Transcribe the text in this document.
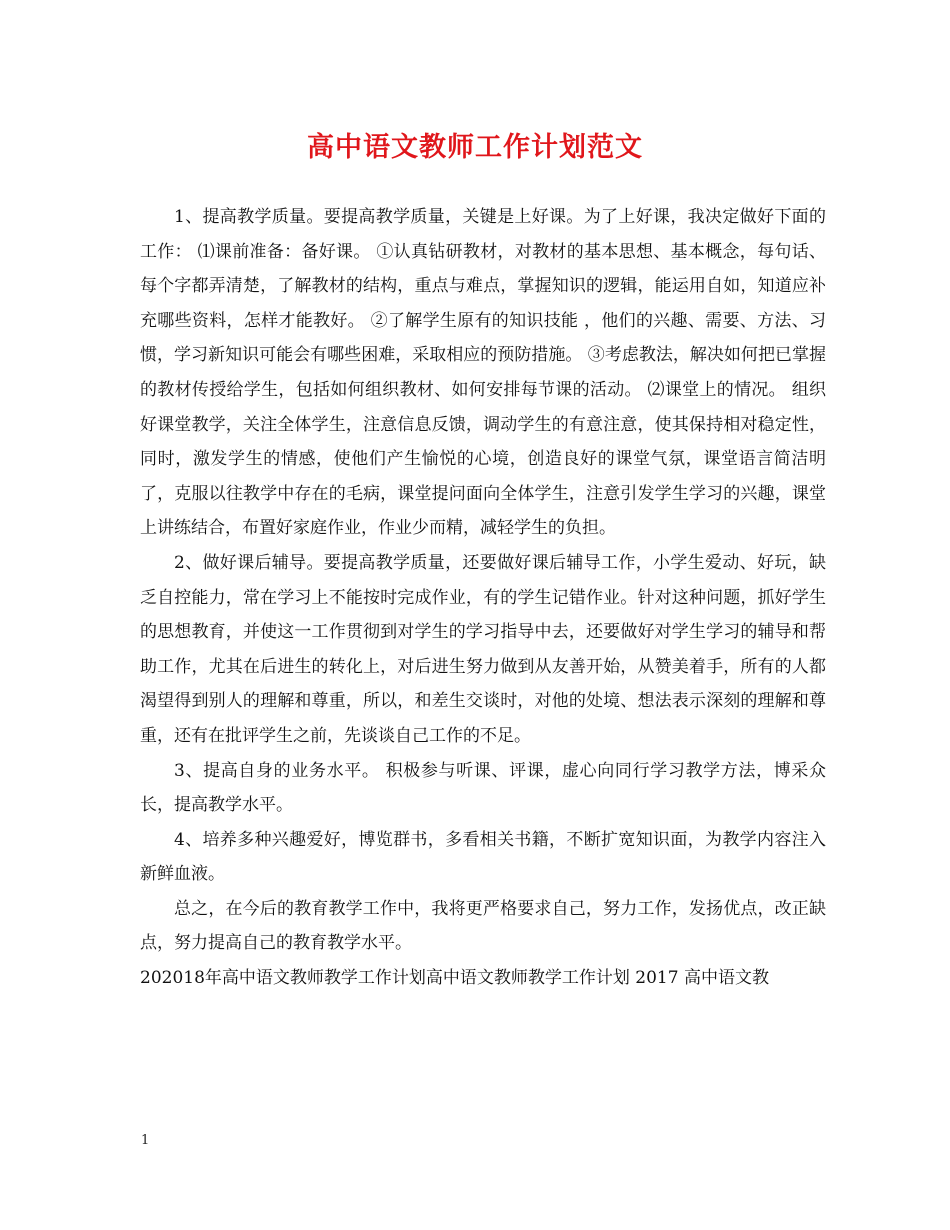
高中语文教师工作计划范文

1、提高教学质量。要提高教学质量，关键是上好课。为了上好课，我决定做好下面的工作： ⑴课前准备：备好课。 ①认真钻研教材，对教材的基本思想、基本概念，每句话、每个字都弄清楚，了解教材的结构，重点与难点，掌握知识的逻辑，能运用自如，知道应补充哪些资料，怎样才能教好。 ②了解学生原有的知识技能 ，他们的兴趣、需要、方法、习惯，学习新知识可能会有哪些困难，采取相应的预防措施。 ③考虑教法，解决如何把已掌握的教材传授给学生，包括如何组织教材、如何安排每节课的活动。 ⑵课堂上的情况。 组织好课堂教学，关注全体学生，注意信息反馈，调动学生的有意注意，使其保持相对稳定性，同时，激发学生的情感，使他们产生愉悦的心境，创造良好的课堂气氛，课堂语言简洁明了，克服以往教学中存在的毛病，课堂提问面向全体学生，注意引发学生学习的兴趣，课堂上讲练结合，布置好家庭作业，作业少而精，减轻学生的负担。

2、做好课后辅导。要提高教学质量，还要做好课后辅导工作，小学生爱动、好玩，缺乏自控能力，常在学习上不能按时完成作业，有的学生记错作业。针对这种问题，抓好学生的思想教育，并使这一工作贯彻到对学生的学习指导中去，还要做好对学生学习的辅导和帮助工作，尤其在后进生的转化上，对后进生努力做到从友善开始，从赞美着手，所有的人都渴望得到别人的理解和尊重，所以，和差生交谈时，对他的处境、想法表示深刻的理解和尊重，还有在批评学生之前，先谈谈自己工作的不足。

3、提高自身的业务水平。 积极参与听课、评课，虚心向同行学习教学方法，博采众长，提高教学水平。

4、培养多种兴趣爱好，博览群书，多看相关书籍，不断扩宽知识面，为教学内容注入新鲜血液。

总之，在今后的教育教学工作中，我将更严格要求自己，努力工作，发扬优点，改正缺点，努力提高自己的教育教学水平。

202018年高中语文教师教学工作计划高中语文教师教学工作计划 2017 高中语文教

1
